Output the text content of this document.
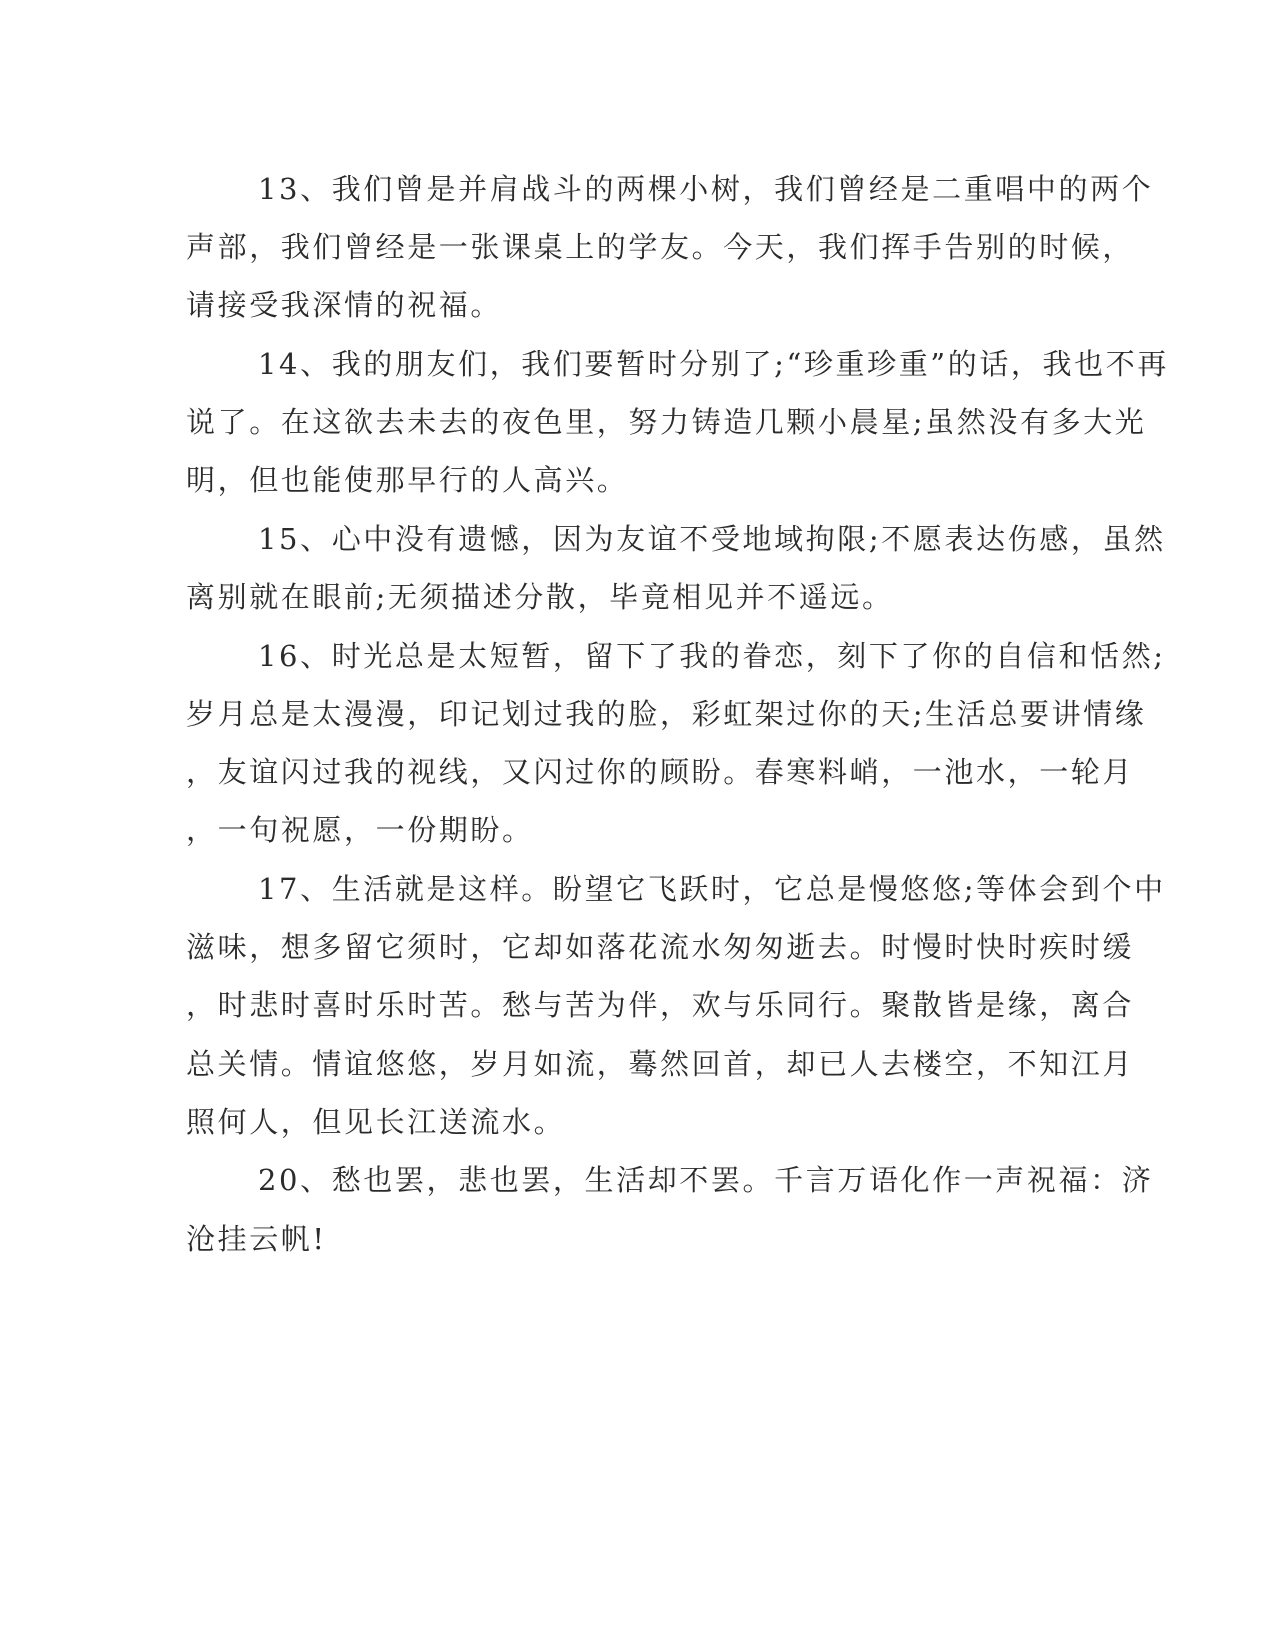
13、我们曾是并肩战斗的两棵小树，我们曾经是二重唱中的两个
声部，我们曾经是一张课桌上的学友。今天，我们挥手告别的时候，
请接受我深情的祝福。
14、我的朋友们，我们要暂时分别了;“珍重珍重”的话，我也不再
说了。在这欲去未去的夜色里，努力铸造几颗小晨星;虽然没有多大光
明，但也能使那早行的人高兴。
15、心中没有遗憾，因为友谊不受地域拘限;不愿表达伤感，虽然
离别就在眼前;无须描述分散，毕竟相见并不遥远。
16、时光总是太短暂，留下了我的眷恋，刻下了你的自信和恬然;
岁月总是太漫漫，印记划过我的脸，彩虹架过你的天;生活总要讲情缘
，友谊闪过我的视线，又闪过你的顾盼。春寒料峭，一池水，一轮月
，一句祝愿，一份期盼。
17、生活就是这样。盼望它飞跃时，它总是慢悠悠;等体会到个中
滋味，想多留它须时，它却如落花流水匆匆逝去。时慢时快时疾时缓
，时悲时喜时乐时苦。愁与苦为伴，欢与乐同行。聚散皆是缘，离合
总关情。情谊悠悠，岁月如流，蓦然回首，却已人去楼空，不知江月
照何人，但见长江送流水。
20、愁也罢，悲也罢，生活却不罢。千言万语化作一声祝福：济
沧挂云帆!
